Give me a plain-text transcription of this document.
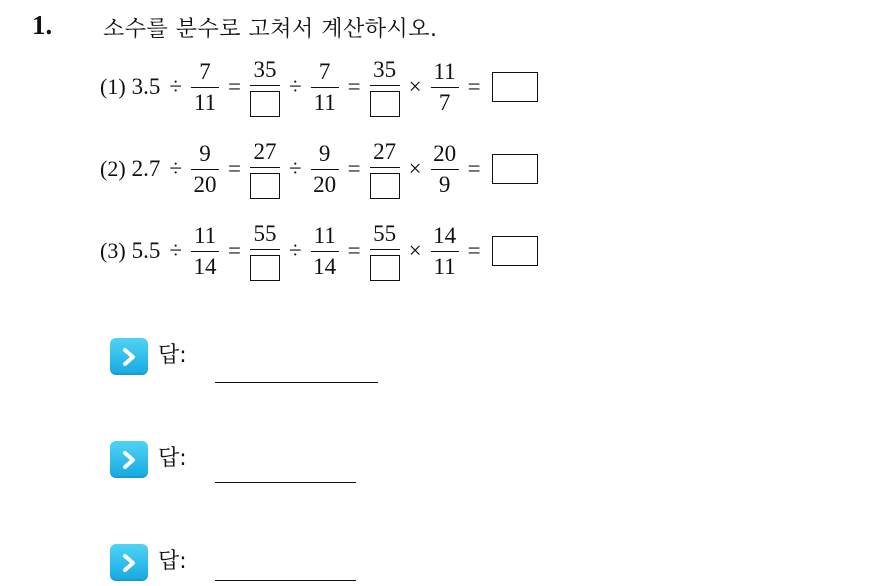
1. 소수를 분수로 고쳐서 계산하시오.
(1) $3.5 \div \frac{7}{11}$ =
35
÷ $\frac{7}{11}$ =
35
× $\frac{11}{7}$ =
(2) $2.7 \div \frac{9}{20}$ =
27
÷ $\frac{9}{20}$ =
27
× $\frac{20}{9}$ =
(3) $5.5 \div \frac{11}{14}$ =
55
÷ $\frac{11}{14}$ =
55
× $\frac{14}{11}$ =
답:
답:
답:
